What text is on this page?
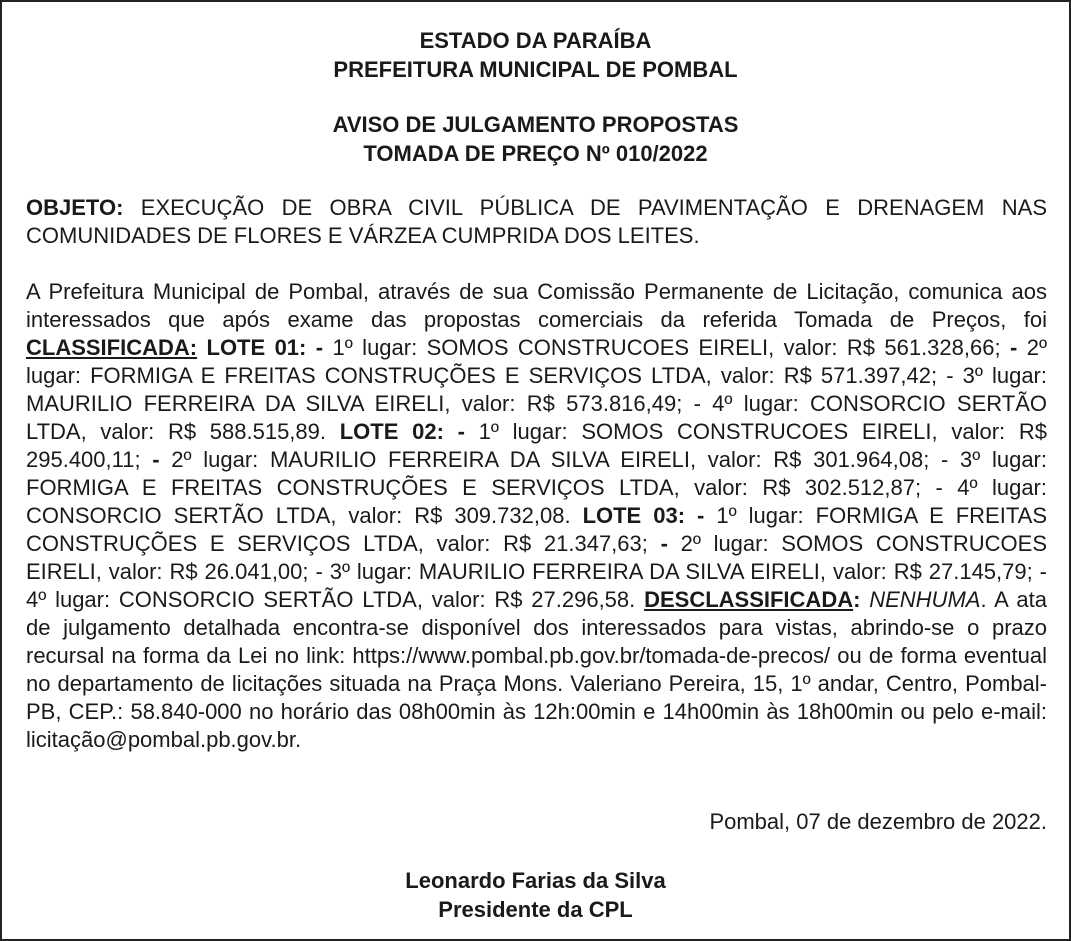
ESTADO DA PARAÍBA
PREFEITURA MUNICIPAL DE POMBAL
AVISO DE JULGAMENTO PROPOSTAS
TOMADA DE PREÇO Nº 010/2022
OBJETO: EXECUÇÃO DE OBRA CIVIL PÚBLICA DE PAVIMENTAÇÃO E DRENAGEM NAS COMUNIDADES DE FLORES E VÁRZEA CUMPRIDA DOS LEITES.
A Prefeitura Municipal de Pombal, através de sua Comissão Permanente de Licitação, comunica aos interessados que após exame das propostas comerciais da referida Tomada de Preços, foi CLASSIFICADA: LOTE 01: - 1º lugar: SOMOS CONSTRUCOES EIRELI, valor: R$ 561.328,66; - 2º lugar: FORMIGA E FREITAS CONSTRUÇÕES E SERVIÇOS LTDA, valor: R$ 571.397,42; - 3º lugar: MAURILIO FERREIRA DA SILVA EIRELI, valor: R$ 573.816,49; - 4º lugar: CONSORCIO SERTÃO LTDA, valor: R$ 588.515,89. LOTE 02: - 1º lugar: SOMOS CONSTRUCOES EIRELI, valor: R$ 295.400,11; - 2º lugar: MAURILIO FERREIRA DA SILVA EIRELI, valor: R$ 301.964,08; - 3º lugar: FORMIGA E FREITAS CONSTRUÇÕES E SERVIÇOS LTDA, valor: R$ 302.512,87; - 4º lugar: CONSORCIO SERTÃO LTDA, valor: R$ 309.732,08. LOTE 03: - 1º lugar: FORMIGA E FREITAS CONSTRUÇÕES E SERVIÇOS LTDA, valor: R$ 21.347,63; - 2º lugar: SOMOS CONSTRUCOES EIRELI, valor: R$ 26.041,00; - 3º lugar: MAURILIO FERREIRA DA SILVA EIRELI, valor: R$ 27.145,79; - 4º lugar: CONSORCIO SERTÃO LTDA, valor: R$ 27.296,58. DESCLASSIFICADA: NENHUMA. A ata de julgamento detalhada encontra-se disponível dos interessados para vistas, abrindo-se o prazo recursal na forma da Lei no link: https://www.pombal.pb.gov.br/tomada-de-precos/ ou de forma eventual no departamento de licitações situada na Praça Mons. Valeriano Pereira, 15, 1º andar, Centro, Pombal-PB, CEP.: 58.840-000 no horário das 08h00min às 12h:00min e 14h00min às 18h00min ou pelo e-mail: licitação@pombal.pb.gov.br.
Pombal, 07 de dezembro de 2022.
Leonardo Farias da Silva
Presidente da CPL
